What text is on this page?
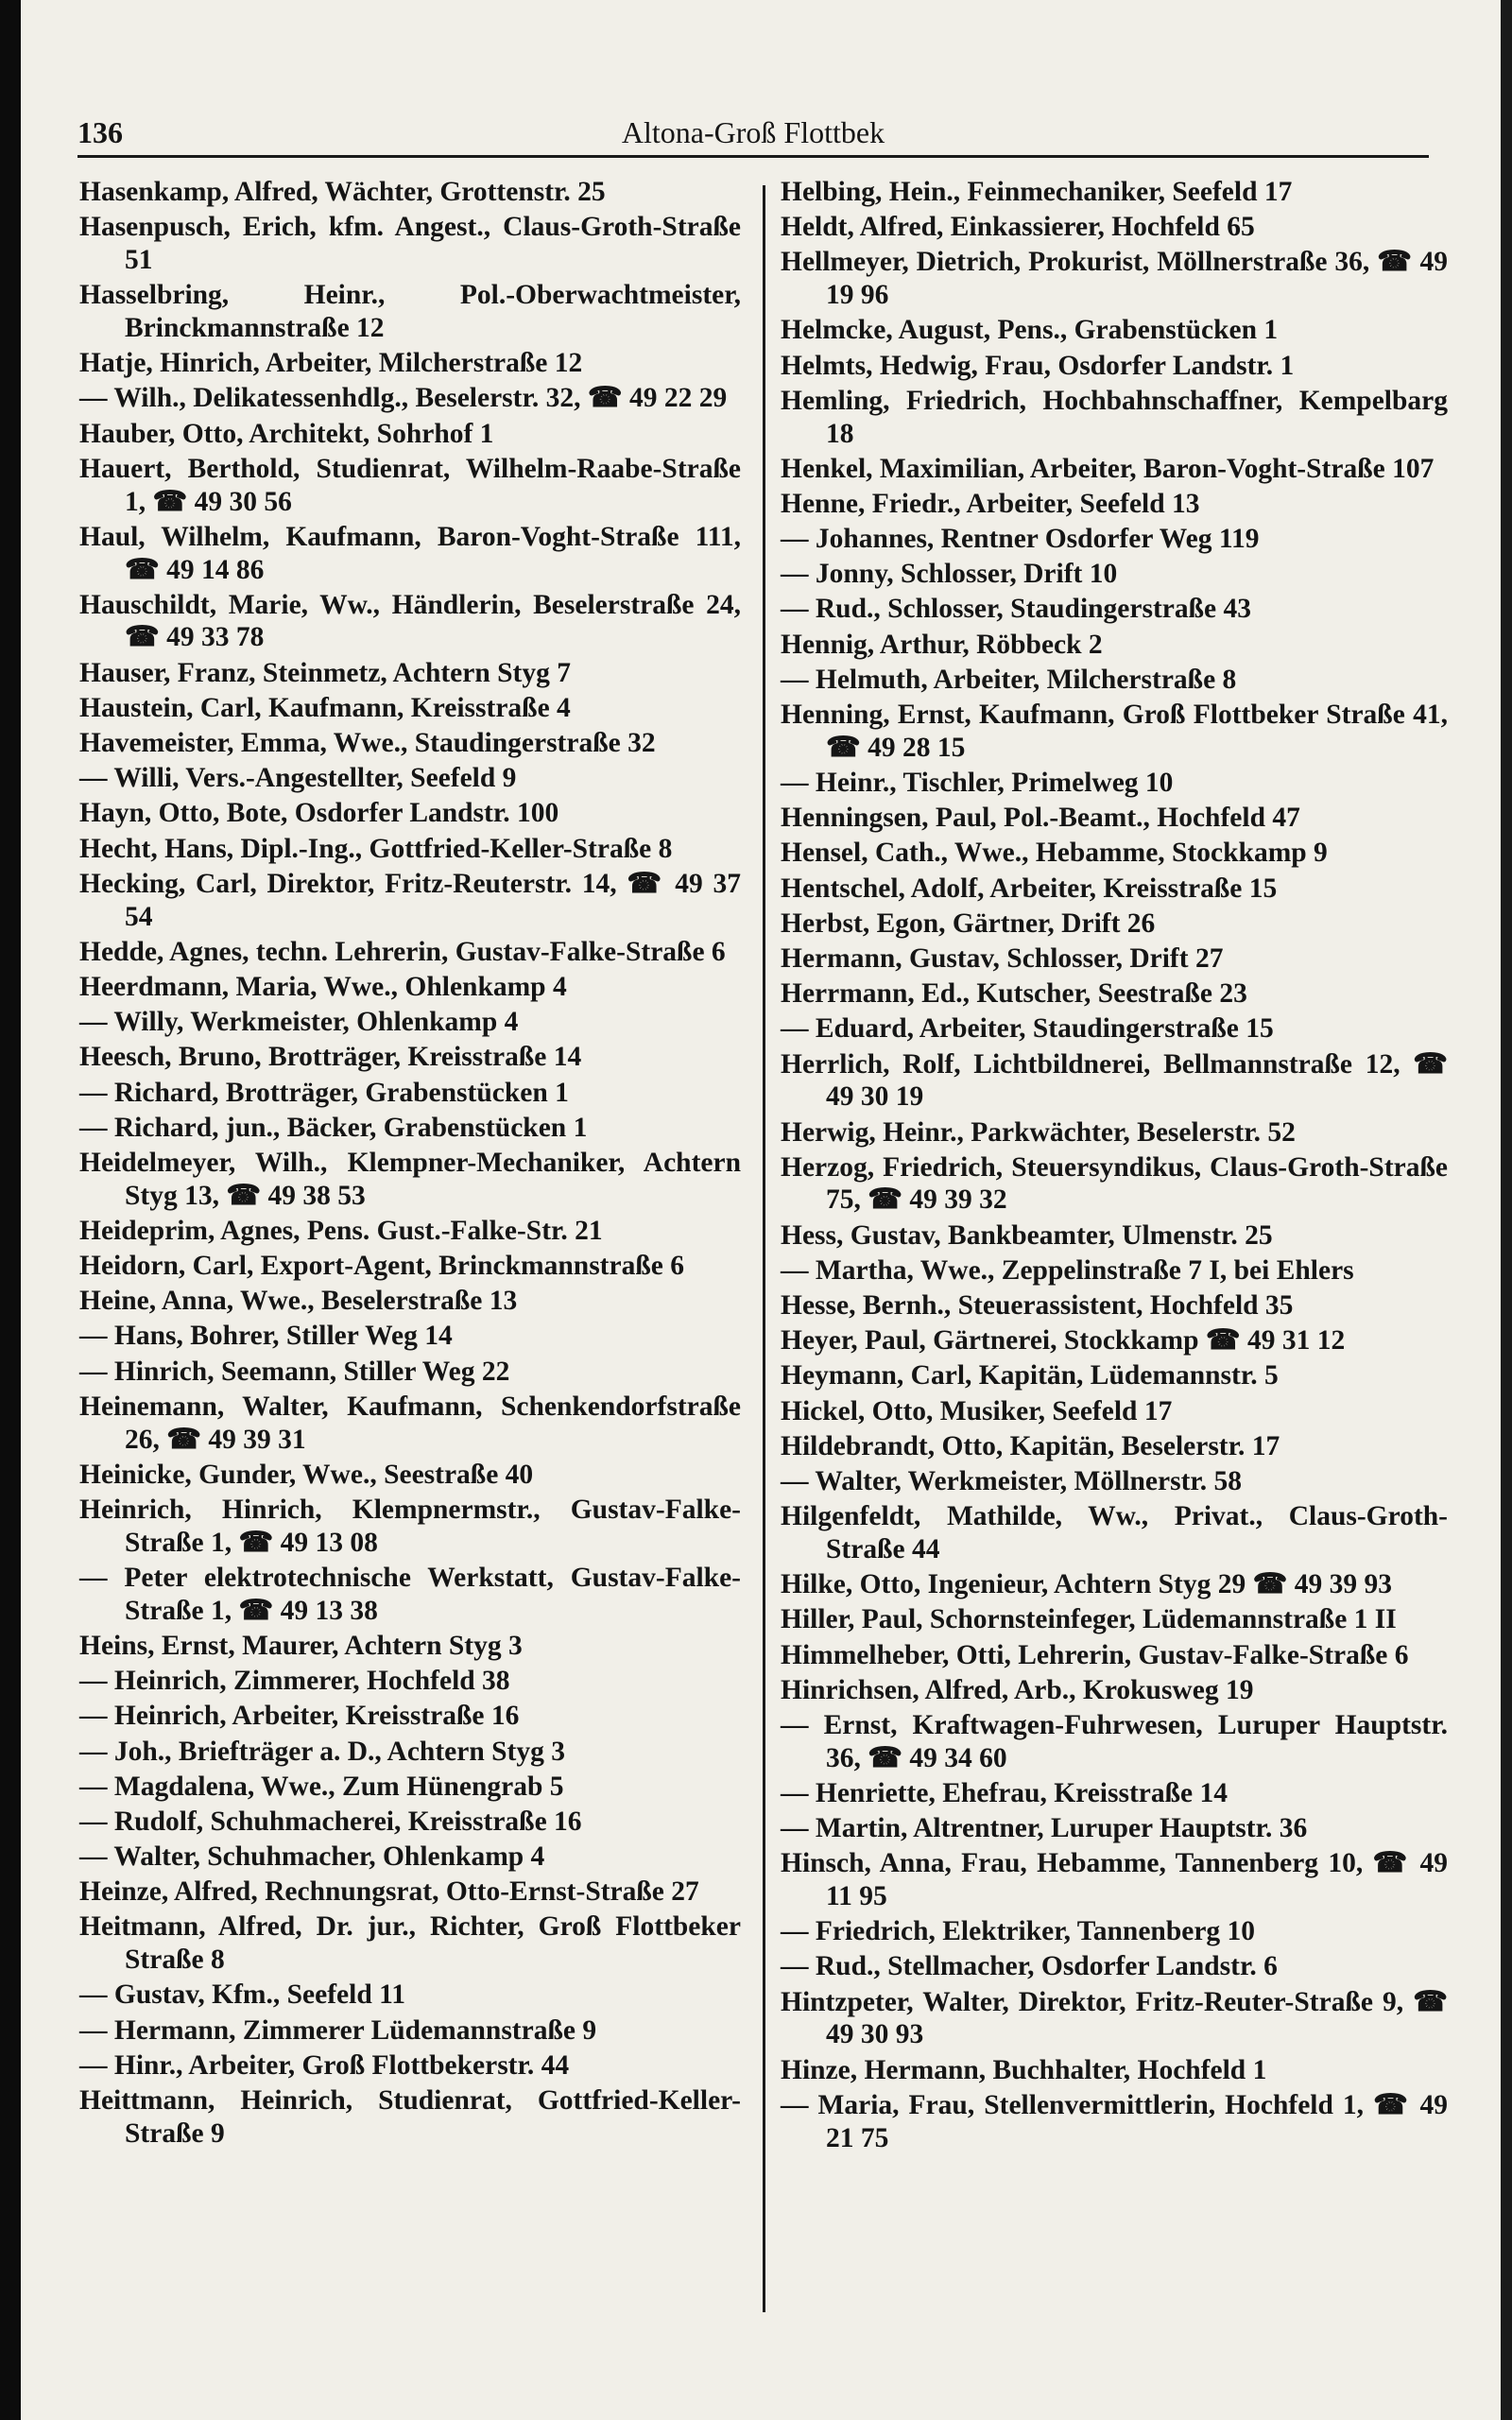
136	Altona-Groß Flottbek
Hasenkamp, Alfred, Wächter, Grottenstr. 25
Hasenpusch, Erich, kfm. Angest., Claus-Groth-Straße 51
Hasselbring, Heinr., Pol.-Oberwachtmeister, Brinckmannstraße 12
Hatje, Hinrich, Arbeiter, Milcherstraße 12
— Wilh., Delikatessenhdlg., Beselerstr. 32, ☎ 49 22 29
Hauber, Otto, Architekt, Sohrhof 1
Hauert, Berthold, Studienrat, Wilhelm-Raabe-Straße 1, ☎ 49 30 56
Haul, Wilhelm, Kaufmann, Baron-Voght-Straße 111, ☎ 49 14 86
Hauschildt, Marie, Ww., Händlerin, Beselerstraße 24, ☎ 49 33 78
Hauser, Franz, Steinmetz, Achtern Styg 7
Haustein, Carl, Kaufmann, Kreisstraße 4
Havemeister, Emma, Wwe., Staudingerstraße 32
— Willi, Vers.-Angestellter, Seefeld 9
Hayn, Otto, Bote, Osdorfer Landstr. 100
Hecht, Hans, Dipl.-Ing., Gottfried-Keller-Straße 8
Hecking, Carl, Direktor, Fritz-Reuterstr. 14, ☎ 49 37 54
Hedde, Agnes, techn. Lehrerin, Gustav-Falke-Straße 6
Heerdmann, Maria, Wwe., Ohlenkamp 4
— Willy, Werkmeister, Ohlenkamp 4
Heesch, Bruno, Brotträger, Kreisstraße 14
— Richard, Brotträger, Grabenstücken 1
— Richard, jun., Bäcker, Grabenstücken 1
Heidelmeyer, Wilh., Klempner-Mechaniker, Achtern Styg 13, ☎ 49 38 53
Heideprim, Agnes, Pens. Gust.-Falke-Str. 21
Heidorn, Carl, Export-Agent, Brinckmannstraße 6
Heine, Anna, Wwe., Beselerstraße 13
— Hans, Bohrer, Stiller Weg 14
— Hinrich, Seemann, Stiller Weg 22
Heinemann, Walter, Kaufmann, Schenkendorfstraße 26, ☎ 49 39 31
Heinicke, Gunder, Wwe., Seestraße 40
Heinrich, Hinrich, Klempnermstr., Gustav-Falke-Straße 1, ☎ 49 13 08
— Peter elektrotechnische Werkstatt, Gustav-Falke-Straße 1, ☎ 49 13 38
Heins, Ernst, Maurer, Achtern Styg 3
— Heinrich, Zimmerer, Hochfeld 38
— Heinrich, Arbeiter, Kreisstraße 16
— Joh., Briefträger a. D., Achtern Styg 3
— Magdalena, Wwe., Zum Hünengrab 5
— Rudolf, Schuhmacherei, Kreisstraße 16
— Walter, Schuhmacher, Ohlenkamp 4
Heinze, Alfred, Rechnungsrat, Otto-Ernst-Straße 27
Heitmann, Alfred, Dr. jur., Richter, Groß Flottbeker Straße 8
— Gustav, Kfm., Seefeld 11
— Hermann, Zimmerer Lüdemannstraße 9
— Hinr., Arbeiter, Groß Flottbekerstr. 44
Heittmann, Heinrich, Studienrat, Gottfried-Keller-Straße 9
Helbing, Hein., Feinmechaniker, Seefeld 17
Heldt, Alfred, Einkassierer, Hochfeld 65
Hellmeyer, Dietrich, Prokurist, Möllnerstraße 36, ☎ 49 19 96
Helmcke, August, Pens., Grabenstücken 1
Helmts, Hedwig, Frau, Osdorfer Landstr. 1
Hemling, Friedrich, Hochbahnschaffner, Kempelbarg 18
Henkel, Maximilian, Arbeiter, Baron-Voght-Straße 107
Henne, Friedr., Arbeiter, Seefeld 13
— Johannes, Rentner Osdorfer Weg 119
— Jonny, Schlosser, Drift 10
— Rud., Schlosser, Staudingerstraße 43
Hennig, Arthur, Röbbeck 2
— Helmuth, Arbeiter, Milcherstraße 8
Henning, Ernst, Kaufmann, Groß Flottbeker Straße 41, ☎ 49 28 15
— Heinr., Tischler, Primelweg 10
Henningsen, Paul, Pol.-Beamt., Hochfeld 47
Hensel, Cath., Wwe., Hebamme, Stockkamp 9
Hentschel, Adolf, Arbeiter, Kreisstraße 15
Herbst, Egon, Gärtner, Drift 26
Hermann, Gustav, Schlosser, Drift 27
Herrmann, Ed., Kutscher, Seestraße 23
— Eduard, Arbeiter, Staudingerstraße 15
Herrlich, Rolf, Lichtbildnerei, Bellmannstraße 12, ☎ 49 30 19
Herwig, Heinr., Parkwächter, Beselerstr. 52
Herzog, Friedrich, Steuersyndikus, Claus-Groth-Straße 75, ☎ 49 39 32
Hess, Gustav, Bankbeamter, Ulmenstr. 25
— Martha, Wwe., Zeppelinstraße 7 I, bei Ehlers
Hesse, Bernh., Steuerassistent, Hochfeld 35
Heyer, Paul, Gärtnerei, Stockkamp ☎ 49 31 12
Heymann, Carl, Kapitän, Lüdemannstr. 5
Hickel, Otto, Musiker, Seefeld 17
Hildebrandt, Otto, Kapitän, Beselerstr. 17
— Walter, Werkmeister, Möllnerstr. 58
Hilgenfeldt, Mathilde, Ww., Privat., Claus-Groth-Straße 44
Hilke, Otto, Ingenieur, Achtern Styg 29 ☎ 49 39 93
Hiller, Paul, Schornsteinfeger, Lüdemannstraße 1 II
Himmelheber, Otti, Lehrerin, Gustav-Falke-Straße 6
Hinrichsen, Alfred, Arb., Krokusweg 19
— Ernst, Kraftwagen-Fuhrwesen, Luruper Hauptstr. 36, ☎ 49 34 60
— Henriette, Ehefrau, Kreisstraße 14
— Martin, Altrentner, Luruper Hauptstr. 36
Hinsch, Anna, Frau, Hebamme, Tannenberg 10, ☎ 49 11 95
— Friedrich, Elektriker, Tannenberg 10
— Rud., Stellmacher, Osdorfer Landstr. 6
Hintzpeter, Walter, Direktor, Fritz-Reuter-Straße 9, ☎ 49 30 93
Hinze, Hermann, Buchhalter, Hochfeld 1
— Maria, Frau, Stellenvermittlerin, Hochfeld 1, ☎ 49 21 75
